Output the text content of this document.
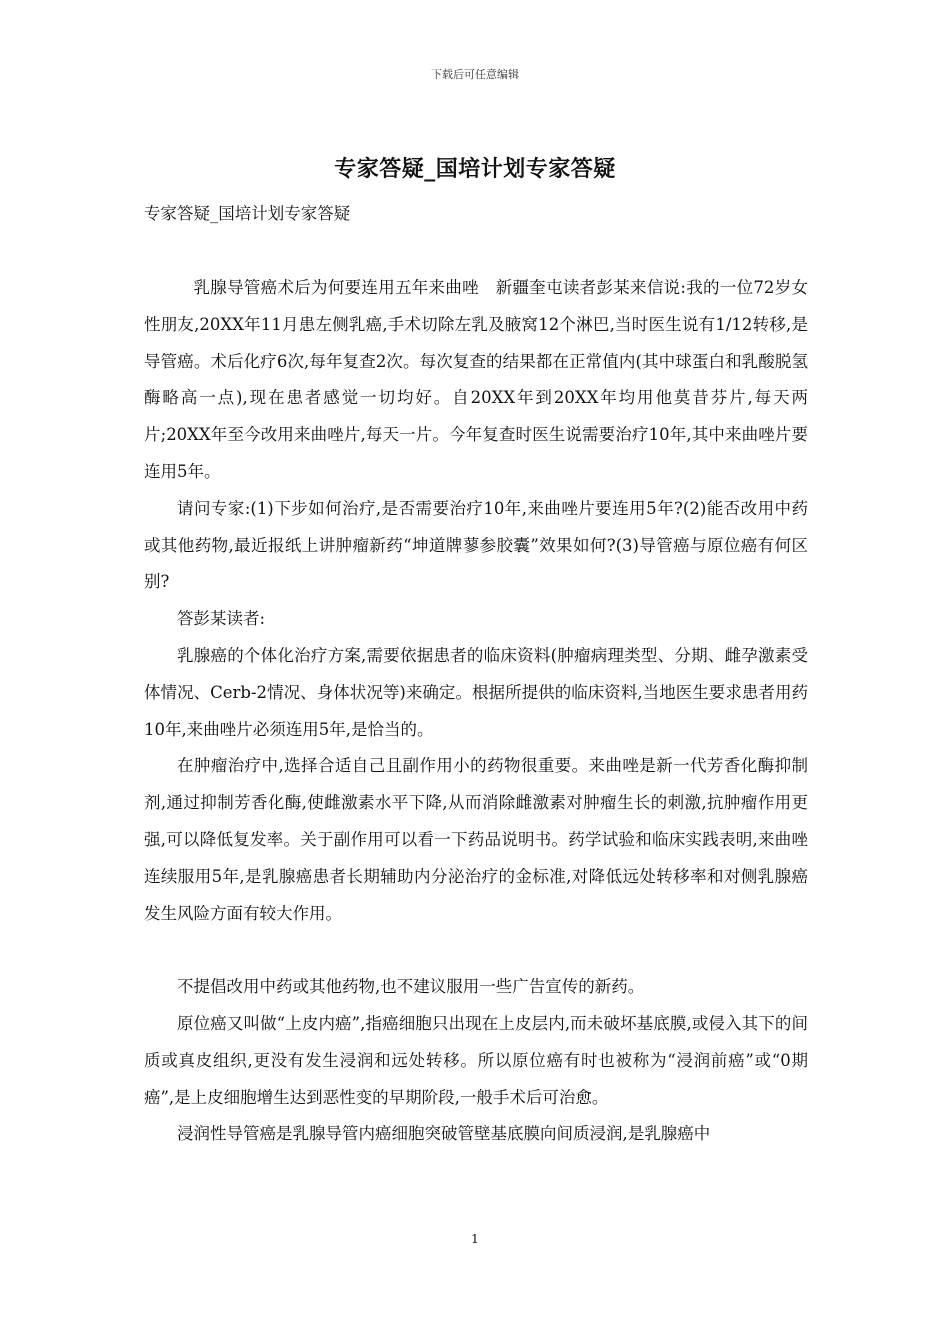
下载后可任意编辑
专家答疑_国培计划专家答疑
专家答疑_国培计划专家答疑

乳腺导管癌术后为何要连用五年来曲唑　新疆奎屯读者彭某来信说:我的一位72岁女性朋友,20XX年11月患左侧乳癌,手术切除左乳及腋窝12个淋巴,当时医生说有1/12转移,是导管癌。术后化疗6次,每年复查2次。每次复查的结果都在正常值内(其中球蛋白和乳酸脱氢酶略高一点),现在患者感觉一切均好。自20XX年到20XX年均用他莫昔芬片,每天两片;20XX年至今改用来曲唑片,每天一片。今年复查时医生说需要治疗10年,其中来曲唑片要连用5年。

请问专家:(1)下步如何治疗,是否需要治疗10年,来曲唑片要连用5年?(2)能否改用中药或其他药物,最近报纸上讲肿瘤新药“坤道牌蓼参胶囊”效果如何?(3)导管癌与原位癌有何区别?

答彭某读者:

乳腺癌的个体化治疗方案,需要依据患者的临床资料(肿瘤病理类型、分期、雌孕激素受体情况、Cerb-2情况、身体状况等)来确定。根据所提供的临床资料,当地医生要求患者用药10年,来曲唑片必须连用5年,是恰当的。

在肿瘤治疗中,选择合适自己且副作用小的药物很重要。来曲唑是新一代芳香化酶抑制剂,通过抑制芳香化酶,使雌激素水平下降,从而消除雌激素对肿瘤生长的刺激,抗肿瘤作用更强,可以降低复发率。关于副作用可以看一下药品说明书。药学试验和临床实践表明,来曲唑连续服用5年,是乳腺癌患者长期辅助内分泌治疗的金标准,对降低远处转移率和对侧乳腺癌发生风险方面有较大作用。

不提倡改用中药或其他药物,也不建议服用一些广告宣传的新药。

原位癌又叫做“上皮内癌”,指癌细胞只出现在上皮层内,而未破坏基底膜,或侵入其下的间质或真皮组织,更没有发生浸润和远处转移。所以原位癌有时也被称为“浸润前癌”或“0期癌”,是上皮细胞增生达到恶性变的早期阶段,一般手术后可治愈。

浸润性导管癌是乳腺导管内癌细胞突破管壁基底膜向间质浸润,是乳腺癌中

1
